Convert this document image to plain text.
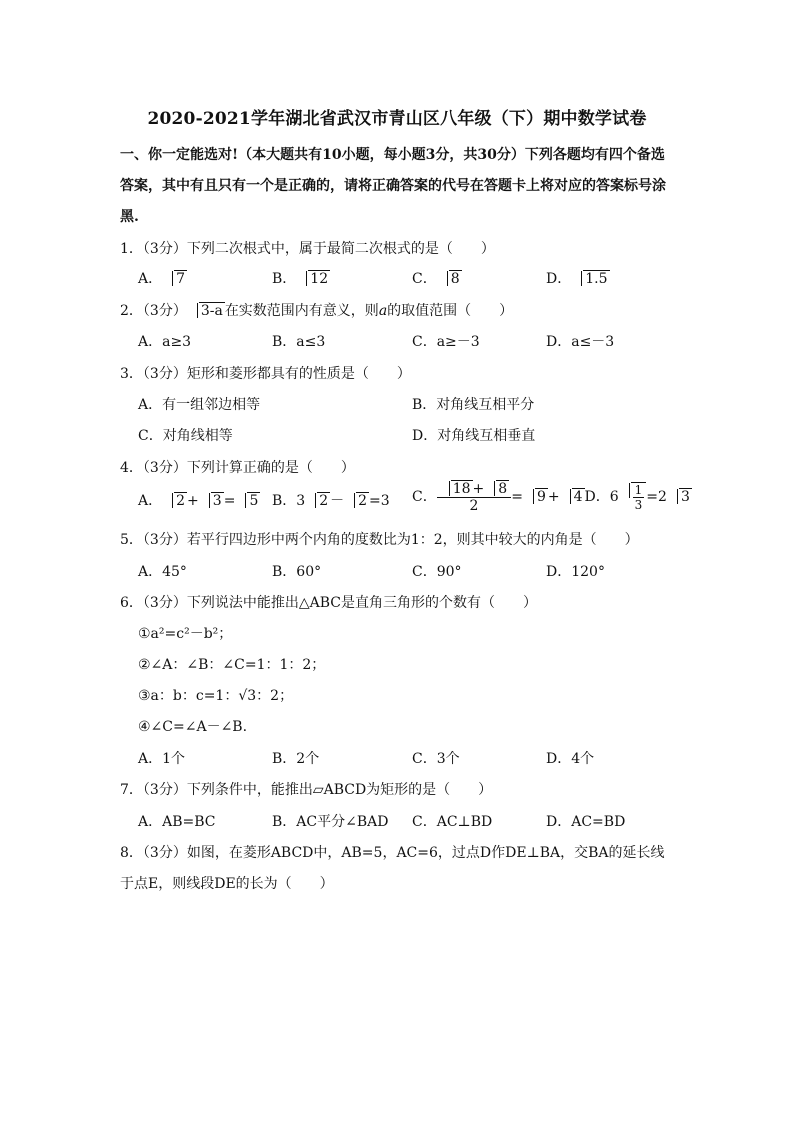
2020-2021学年湖北省武汉市青山区八年级（下）期中数学试卷
一、你一定能选对!（本大题共有10小题，每小题3分，共30分）下列各题均有四个备选答案，其中有且只有一个是正确的，请将正确答案的代号在答题卡上将对应的答案标号涂黑.
1．（3分）下列二次根式中，属于最简二次根式的是（　　）
A． 7	B． 12	C． 8	D． 1.5
2．（3分） 3-a 在实数范围内有意义，则a的取值范围（　　）
A．a≥3	B．a≤3	C．a≥－3	D．a≤－3
3．（3分）矩形和菱形都具有的性质是（　　）
A．有一组邻边相等	B．对角线互相平分
C．对角线相等	D．对角线互相垂直
4．（3分）下列计算正确的是（　　）
A． 2 + 3 = 5 B．3 2 － 2 =3 C． $\frac{18 + 8}{2} = 9 + 4$ D．$6 \frac{1}{3} =2$ 3
5．（3分）若平行四边形中两个内角的度数比为1：2，则其中较大的内角是（　　）
A．45°	B．60°	C．90°	D．120°
6．（3分）下列说法中能推出△ABC是直角三角形的个数有（　　）
①a²=c²－b²；
②∠A：∠B：∠C=1：1：2；
③a：b：c=1：√3：2；
④∠C=∠A－∠B.
A．1个	B．2个	C．3个	D．4个
7．（3分）下列条件中，能推出▱ABCD为矩形的是（　　）
A．AB=BC	B．AC平分∠BAD C．AC⊥BD	D．AC=BD
8．（3分）如图，在菱形ABCD中，AB=5，AC=6，过点D作DE⊥BA，交BA的延长线
于点E，则线段DE的长为（　　）
